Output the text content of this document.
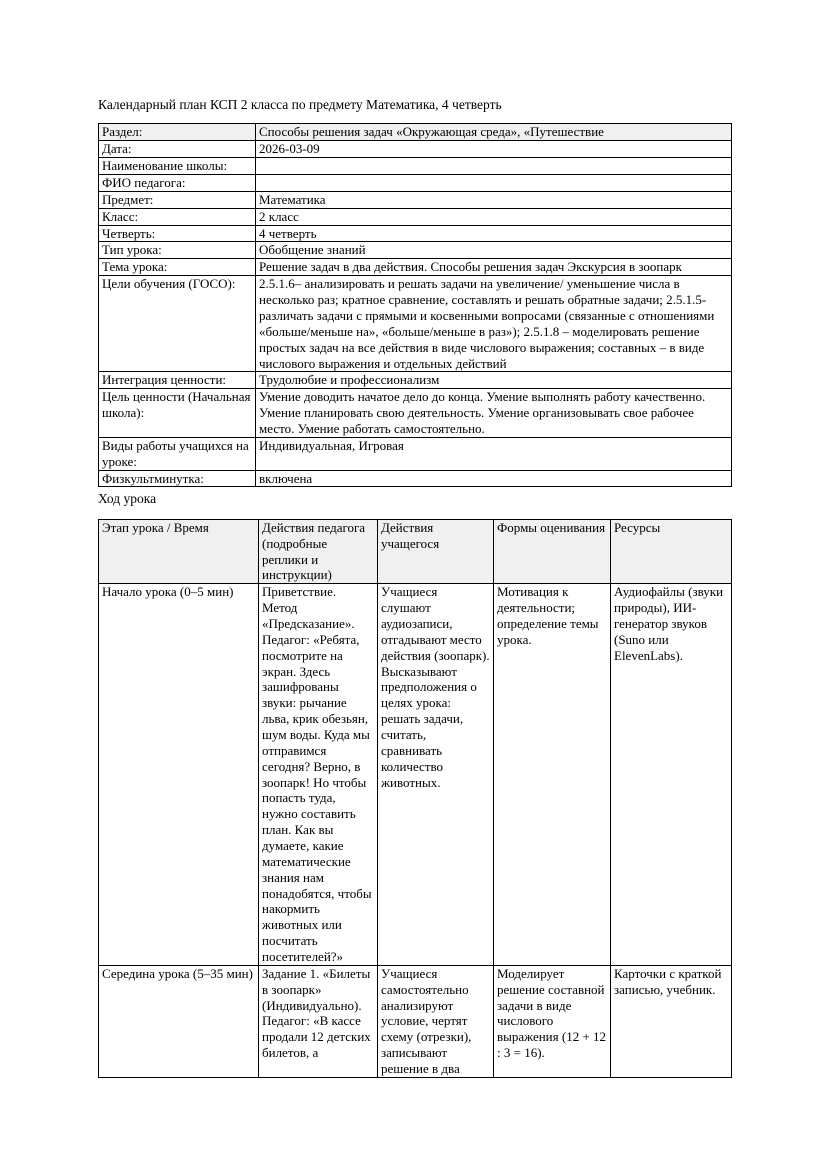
Календарный план КСП 2 класса по предмету Математика, 4 четверть

Раздел:	Способы решения задач «Окружающая среда», «Путешествие
Дата:	2026-03-09
Наименование школы:	
ФИО педагога:	
Предмет:	Математика
Класс:	2 класс
Четверть:	4 четверть
Тип урока:	Обобщение знаний
Тема урока:	Решение задач в два действия. Способы решения задач Экскурсия в зоопарк
Цели обучения (ГОСО):	2.5.1.6– анализировать и решать задачи на увеличение/ уменьшение числа в несколько раз; кратное сравнение, составлять и решать обратные задачи; 2.5.1.5-различать задачи с прямыми и косвенными вопросами (связанные с отношениями «больше/меньше на», «больше/меньше в раз»); 2.5.1.8 – моделировать решение простых задач на все действия в виде числового выражения; составных – в виде числового выражения и отдельных действий
Интеграция ценности:	Трудолюбие и профессионализм
Цель ценности (Начальная школа):	Умение доводить начатое дело до конца. Умение выполнять работу качественно. Умение планировать свою деятельность. Умение организовывать свое рабочее место. Умение работать самостоятельно.
Виды работы учащихся на уроке:	Индивидуальная, Игровая
Физкультминутка:	включена

Ход урока

Этап урока / Время	Действия педагога (подробные реплики и инструкции)	Действия учащегося	Формы оценивания	Ресурсы
Начало урока (0–5 мин)	Приветствие. Метод «Предсказание». Педагог: «Ребята, посмотрите на экран. Здесь зашифрованы звуки: рычание льва, крик обезьян, шум воды. Куда мы отправимся сегодня? Верно, в зоопарк! Но чтобы попасть туда, нужно составить план. Как вы думаете, какие математические знания нам понадобятся, чтобы накормить животных или посчитать посетителей?»	Учащиеся слушают аудиозаписи, отгадывают место действия (зоопарк). Высказывают предположения о целях урока: решать задачи, считать, сравнивать количество животных.	Мотивация к деятельности; определение темы урока.	Аудиофайлы (звуки природы), ИИ-генератор звуков (Suno или ElevenLabs).
Середина урока (5–35 мин)	Задание 1. «Билеты в зоопарк» (Индивидуально). Педагог: «В кассе продали 12 детских билетов, а	Учащиеся самостоятельно анализируют условие, чертят схему (отрезки), записывают решение в два	Моделирует решение составной задачи в виде числового выражения (12 + 12 : 3 = 16).	Карточки с краткой записью, учебник.
